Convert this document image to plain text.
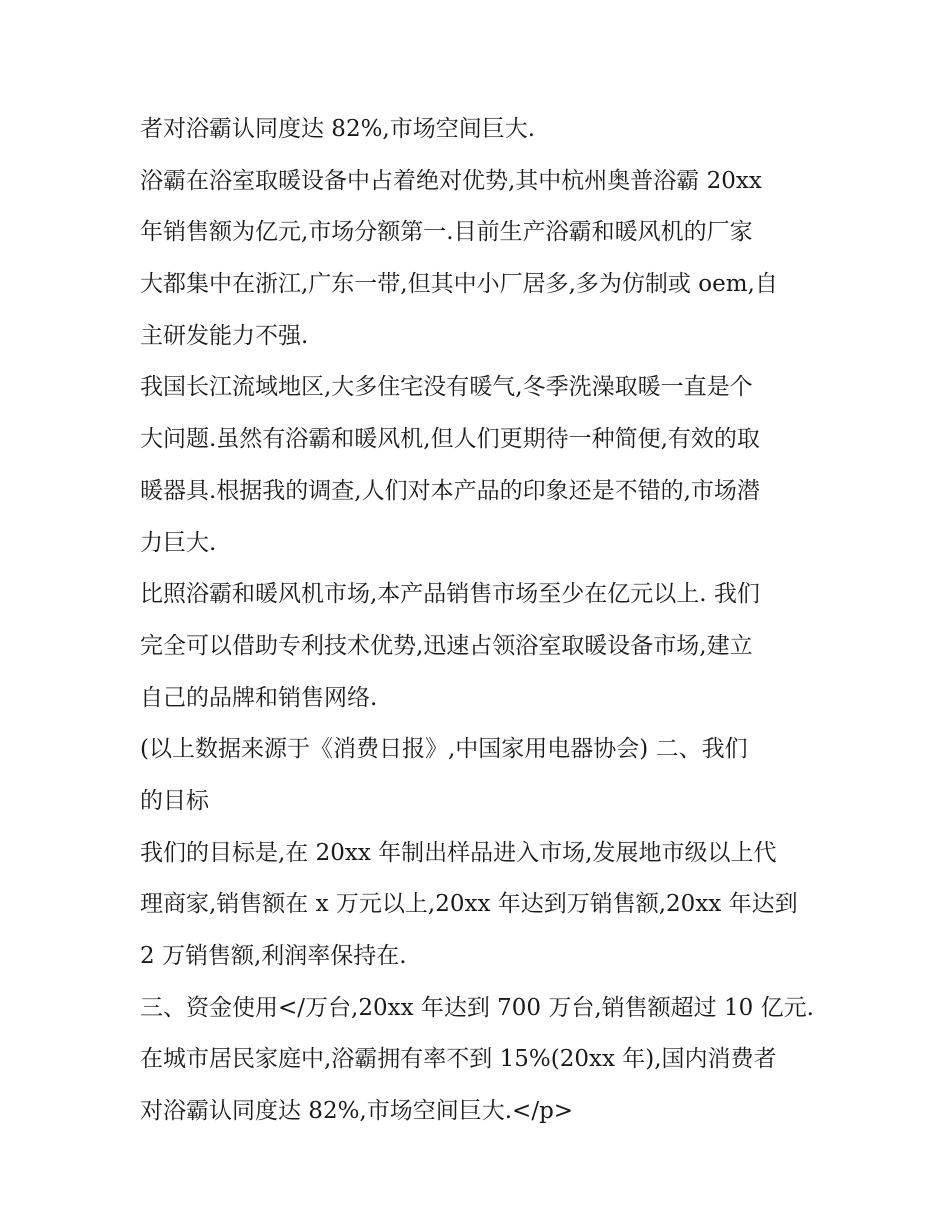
者对浴霸认同度达 82%,市场空间巨大.
浴霸在浴室取暖设备中占着绝对优势,其中杭州奥普浴霸 20xx
年销售额为亿元,市场分额第一.目前生产浴霸和暖风机的厂家
大都集中在浙江,广东一带,但其中小厂居多,多为仿制或 oem,自
主研发能力不强.
我国长江流域地区,大多住宅没有暖气,冬季洗澡取暖一直是个
大问题.虽然有浴霸和暖风机,但人们更期待一种简便,有效的取
暖器具.根据我的调查,人们对本产品的印象还是不错的,市场潜
力巨大.
比照浴霸和暖风机市场,本产品销售市场至少在亿元以上. 我们
完全可以借助专利技术优势,迅速占领浴室取暖设备市场,建立
自己的品牌和销售网络.
(以上数据来源于《消费日报》,中国家用电器协会) 二、我们
的目标
我们的目标是,在 20xx 年制出样品进入市场,发展地市级以上代
理商家,销售额在 x 万元以上,20xx 年达到万销售额,20xx 年达到
2 万销售额,利润率保持在.
三、资金使用</万台,20xx 年达到 700 万台,销售额超过 10 亿元.
在城市居民家庭中,浴霸拥有率不到 15%(20xx 年),国内消费者
对浴霸认同度达 82%,市场空间巨大.</p>
